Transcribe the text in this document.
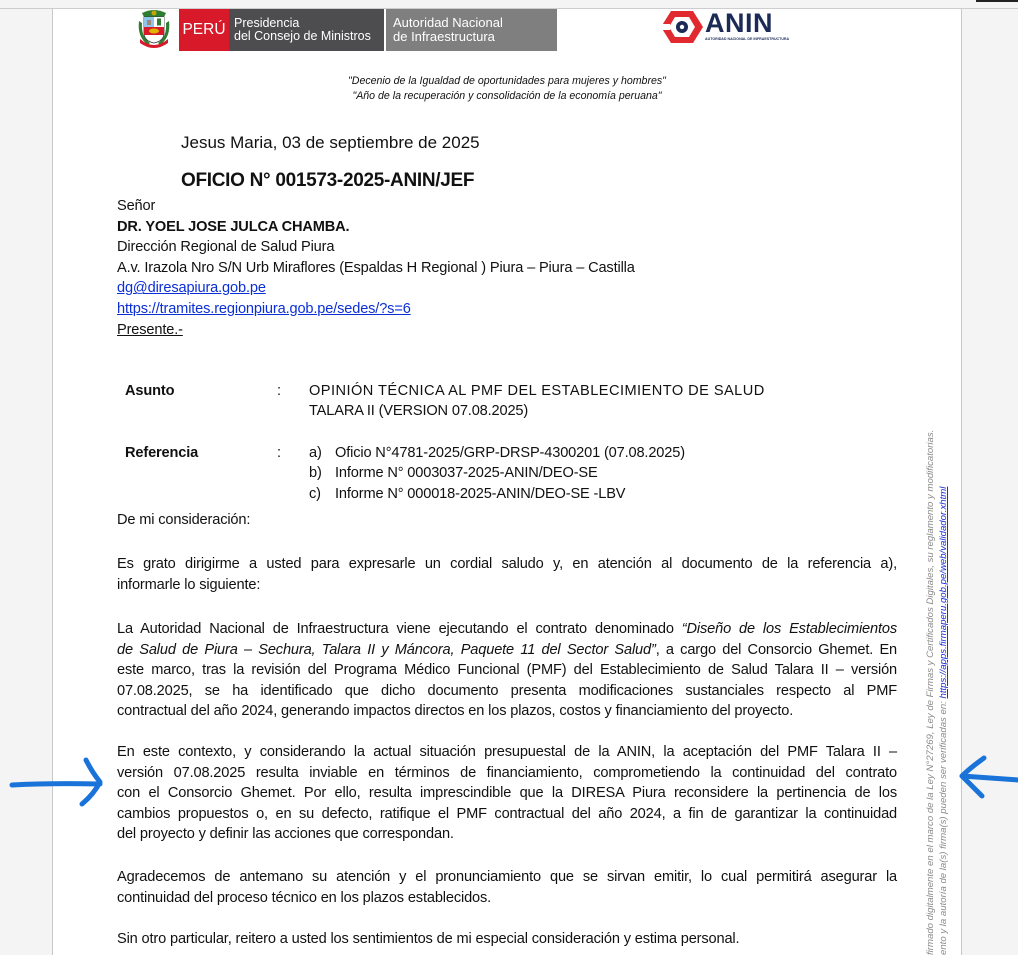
PERÚ Presidencia
del Consejo de Ministros
Autoridad Nacional
de Infraestructura	ANIN
AUTORIDAD NACIONAL DE INFRAESTRUCTURA
"Decenio de la Igualdad de oportunidades para mujeres y hombres"
"Año de la recuperación y consolidación de la economía peruana"
Jesus Maria, 03 de septiembre de 2025
OFICIO N° 001573-2025-ANIN/JEF
Señor
DR. YOEL JOSE JULCA CHAMBA.
Dirección Regional de Salud Piura
A.v. Irazola Nro S/N Urb Miraflores (Espaldas H Regional ) Piura – Piura – Castilla
dg@diresapiura.gob.pe
https://tramites.regionpiura.gob.pe/sedes/?s=6
Presente.-
Asunto	: OPINIÓN TÉCNICA AL PMF DEL ESTABLECIMIENTO DE SALUD
TALARA II (VERSION 07.08.2025)
Referencia	: a) Oficio N°4781-2025/GRP-DRSP-4300201 (07.08.2025)
b) Informe N° 0003037-2025-ANIN/DEO-SE
c) Informe N° 000018-2025-ANIN/DEO-SE -LBV
De mi consideración:
Es grato dirigirme a usted para expresarle un cordial saludo y, en atención al documento de la referencia a),
informarle lo siguiente:
La Autoridad Nacional de Infraestructura viene ejecutando el contrato denominado “Diseño de los Establecimientos
de Salud de Piura – Sechura, Talara II y Máncora, Paquete 11 del Sector Salud”, a cargo del Consorcio Ghemet. En
este marco, tras la revisión del Programa Médico Funcional (PMF) del Establecimiento de Salud Talara II – versión
07.08.2025, se ha identificado que dicho documento presenta modificaciones sustanciales respecto al PMF
contractual del año 2024, generando impactos directos en los plazos, costos y financiamiento del proyecto.
En este contexto, y considerando la actual situación presupuestal de la ANIN, la aceptación del PMF Talara II –
versión 07.08.2025 resulta inviable en términos de financiamiento, comprometiendo la continuidad del contrato
con el Consorcio Ghemet. Por ello, resulta imprescindible que la DIRESA Piura reconsidere la pertinencia de los
cambios propuestos o, en su defecto, ratifique el PMF contractual del año 2024, a fin de garantizar la continuidad
del proyecto y definir las acciones que correspondan.
Agradecemos de antemano su atención y el pronunciamiento que se sirvan emitir, lo cual permitirá asegurar la
continuidad del proceso técnico en los plazos establecidos.
Sin otro particular, reitero a usted los sentimientos de mi especial consideración y estima personal.	firmado digitalmente en el marco de la Ley N°27269, Ley de Firmas y Certificados Digitales, su reglamento y modificatorias. ento y la autoría de la(s) firma(s) pueden ser verificadas en: https://apps.firmaperu.gob.pe/web/validador.xhtml
